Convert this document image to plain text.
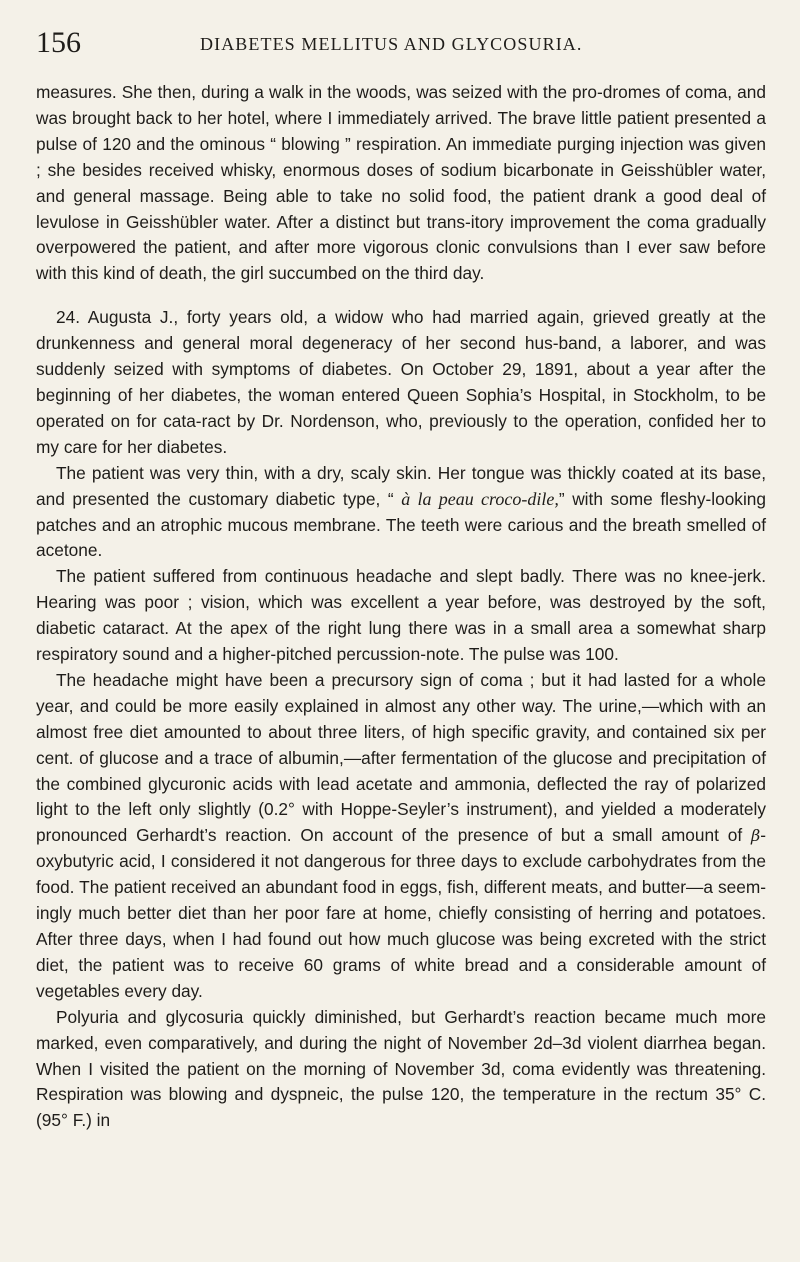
156	DIABETES MELLITUS AND GLYCOSURIA.

measures. She then, during a walk in the woods, was seized with the pro-dromes of coma, and was brought back to her hotel, where I immediately arrived. The brave little patient presented a pulse of 120 and the ominous “ blowing ” respiration. An immediate purging injection was given ; she besides received whisky, enormous doses of sodium bicarbonate in Geisshübler water, and general massage. Being able to take no solid food, the patient drank a good deal of levulose in Geisshübler water. After a distinct but trans-itory improvement the coma gradually overpowered the patient, and after more vigorous clonic convulsions than I ever saw before with this kind of death, the girl succumbed on the third day.

24. Augusta J., forty years old, a widow who had married again, grieved greatly at the drunkenness and general moral degeneracy of her second hus-band, a laborer, and was suddenly seized with symptoms of diabetes. On October 29, 1891, about a year after the beginning of her diabetes, the woman entered Queen Sophia’s Hospital, in Stockholm, to be operated on for cata-ract by Dr. Nordenson, who, previously to the operation, confided her to my care for her diabetes.

The patient was very thin, with a dry, scaly skin. Her tongue was thickly coated at its base, and presented the customary diabetic type, “ à la peau croco-dile,” with some fleshy-looking patches and an atrophic mucous membrane. The teeth were carious and the breath smelled of acetone.

The patient suffered from continuous headache and slept badly. There was no knee-jerk. Hearing was poor ; vision, which was excellent a year before, was destroyed by the soft, diabetic cataract. At the apex of the right lung there was in a small area a somewhat sharp respiratory sound and a higher-pitched percussion-note. The pulse was 100.

The headache might have been a precursory sign of coma ; but it had lasted for a whole year, and could be more easily explained in almost any other way. The urine,—which with an almost free diet amounted to about three liters, of high specific gravity, and contained six per cent. of glucose and a trace of albumin,—after fermentation of the glucose and precipitation of the combined glycuronic acids with lead acetate and ammonia, deflected the ray of polarized light to the left only slightly (0.2° with Hoppe-Seyler’s instrument), and yielded a moderately pronounced Gerhardt’s reaction. On account of the presence of but a small amount of β-oxybutyric acid, I considered it not dangerous for three days to exclude carbohydrates from the food. The patient received an abundant food in eggs, fish, different meats, and butter—a seem-ingly much better diet than her poor fare at home, chiefly consisting of herring and potatoes. After three days, when I had found out how much glucose was being excreted with the strict diet, the patient was to receive 60 grams of white bread and a considerable amount of vegetables every day.

Polyuria and glycosuria quickly diminished, but Gerhardt’s reaction became much more marked, even comparatively, and during the night of November 2d–3d violent diarrhea began. When I visited the patient on the morning of November 3d, coma evidently was threatening. Respiration was blowing and dyspneic, the pulse 120, the temperature in the rectum 35° C. (95° F.) in
